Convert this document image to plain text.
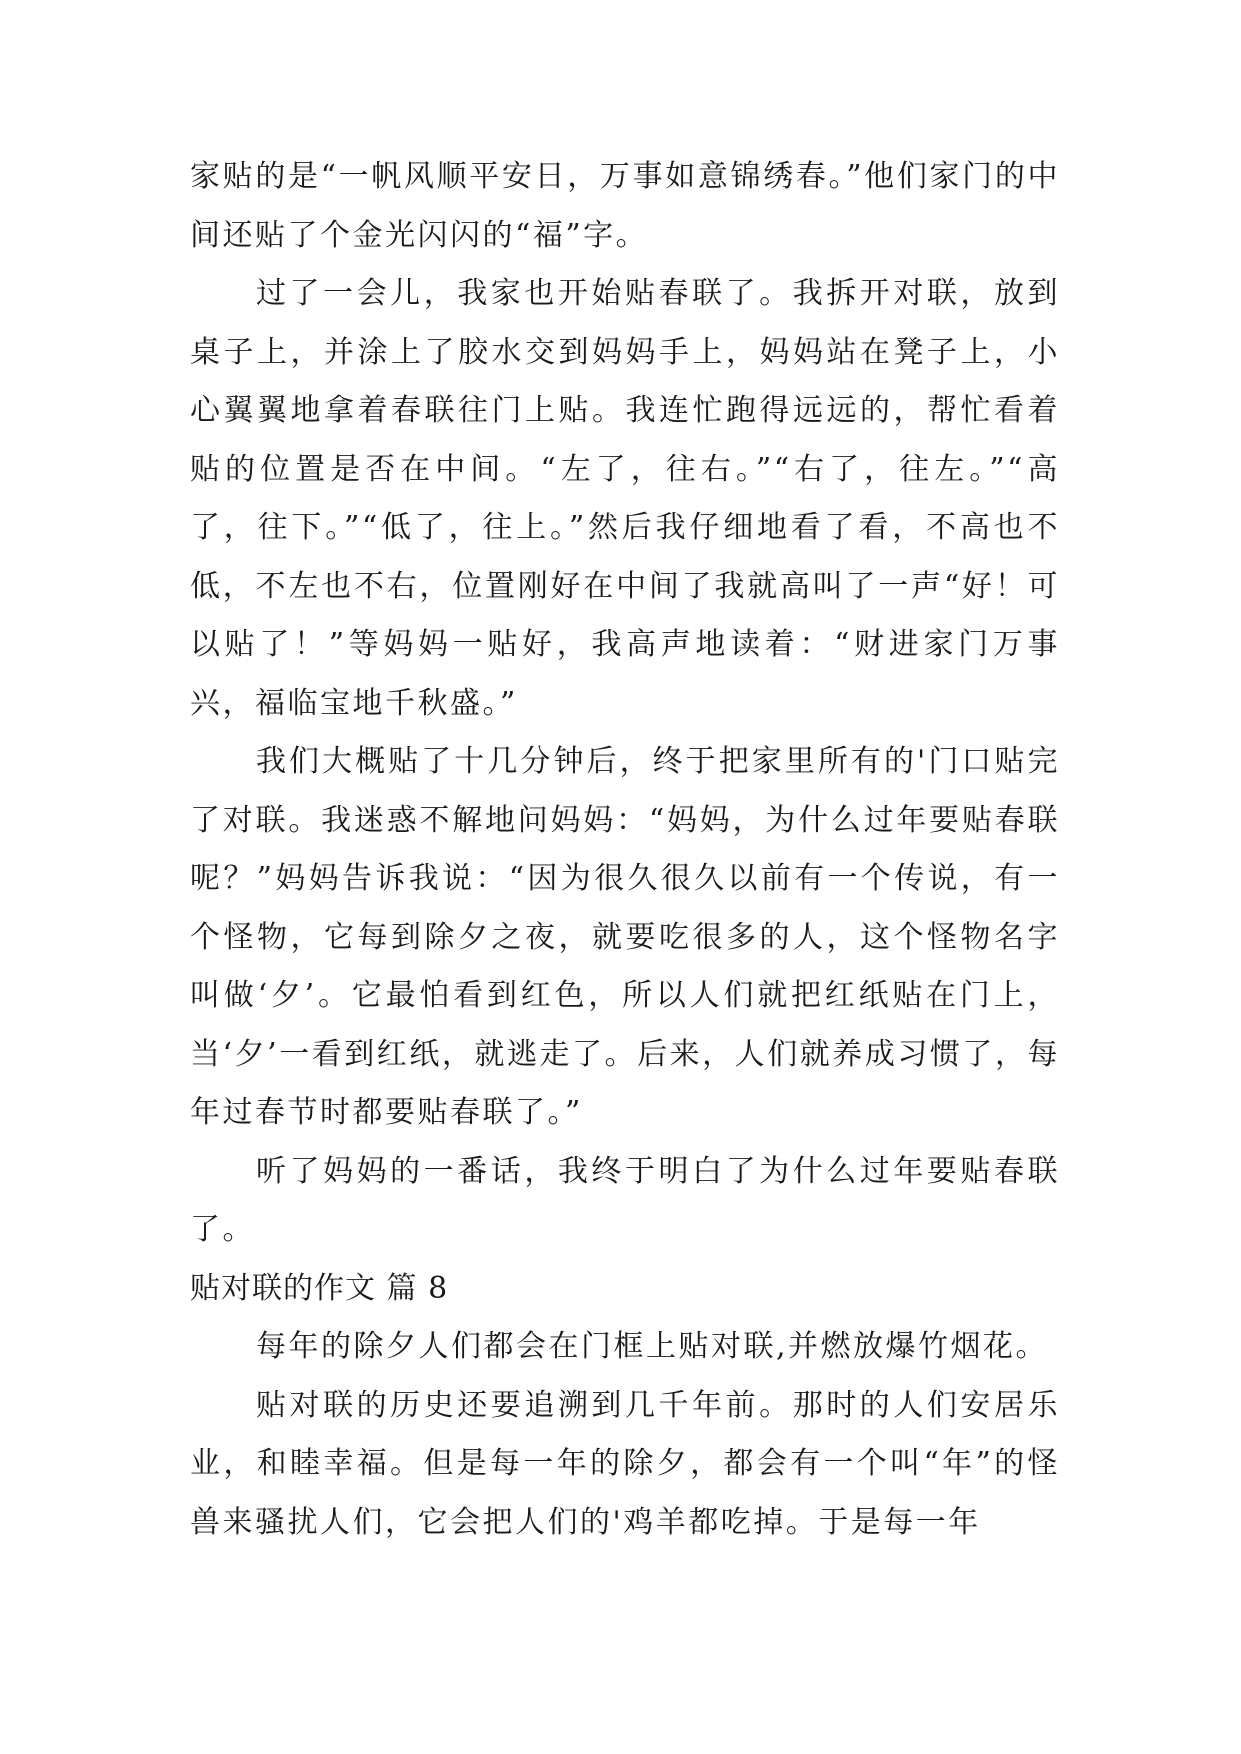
家贴的是“一帆风顺平安日，万事如意锦绣春。”他们家门的中间还贴了个金光闪闪的“福”字。

过了一会儿，我家也开始贴春联了。我拆开对联，放到桌子上，并涂上了胶水交到妈妈手上，妈妈站在凳子上，小心翼翼地拿着春联往门上贴。我连忙跑得远远的，帮忙看着贴的位置是否在中间。“左了，往右。”“右了，往左。”“高了，往下。”“低了，往上。”然后我仔细地看了看，不高也不低，不左也不右，位置刚好在中间了我就高叫了一声“好！可以贴了！”等妈妈一贴好，我高声地读着：“财进家门万事兴，福临宝地千秋盛。”

我们大概贴了十几分钟后，终于把家里所有的'门口贴完了对联。我迷惑不解地问妈妈：“妈妈，为什么过年要贴春联呢？”妈妈告诉我说：“因为很久很久以前有一个传说，有一个怪物，它每到除夕之夜，就要吃很多的人，这个怪物名字叫做‘夕’。它最怕看到红色，所以人们就把红纸贴在门上，当‘夕’一看到红纸，就逃走了。后来，人们就养成习惯了，每年过春节时都要贴春联了。”

听了妈妈的一番话，我终于明白了为什么过年要贴春联了。

贴对联的作文 篇 8

每年的除夕人们都会在门框上贴对联,并燃放爆竹烟花。

贴对联的历史还要追溯到几千年前。那时的人们安居乐业，和睦幸福。但是每一年的除夕，都会有一个叫“年”的怪兽来骚扰人们，它会把人们的'鸡羊都吃掉。于是每一年
